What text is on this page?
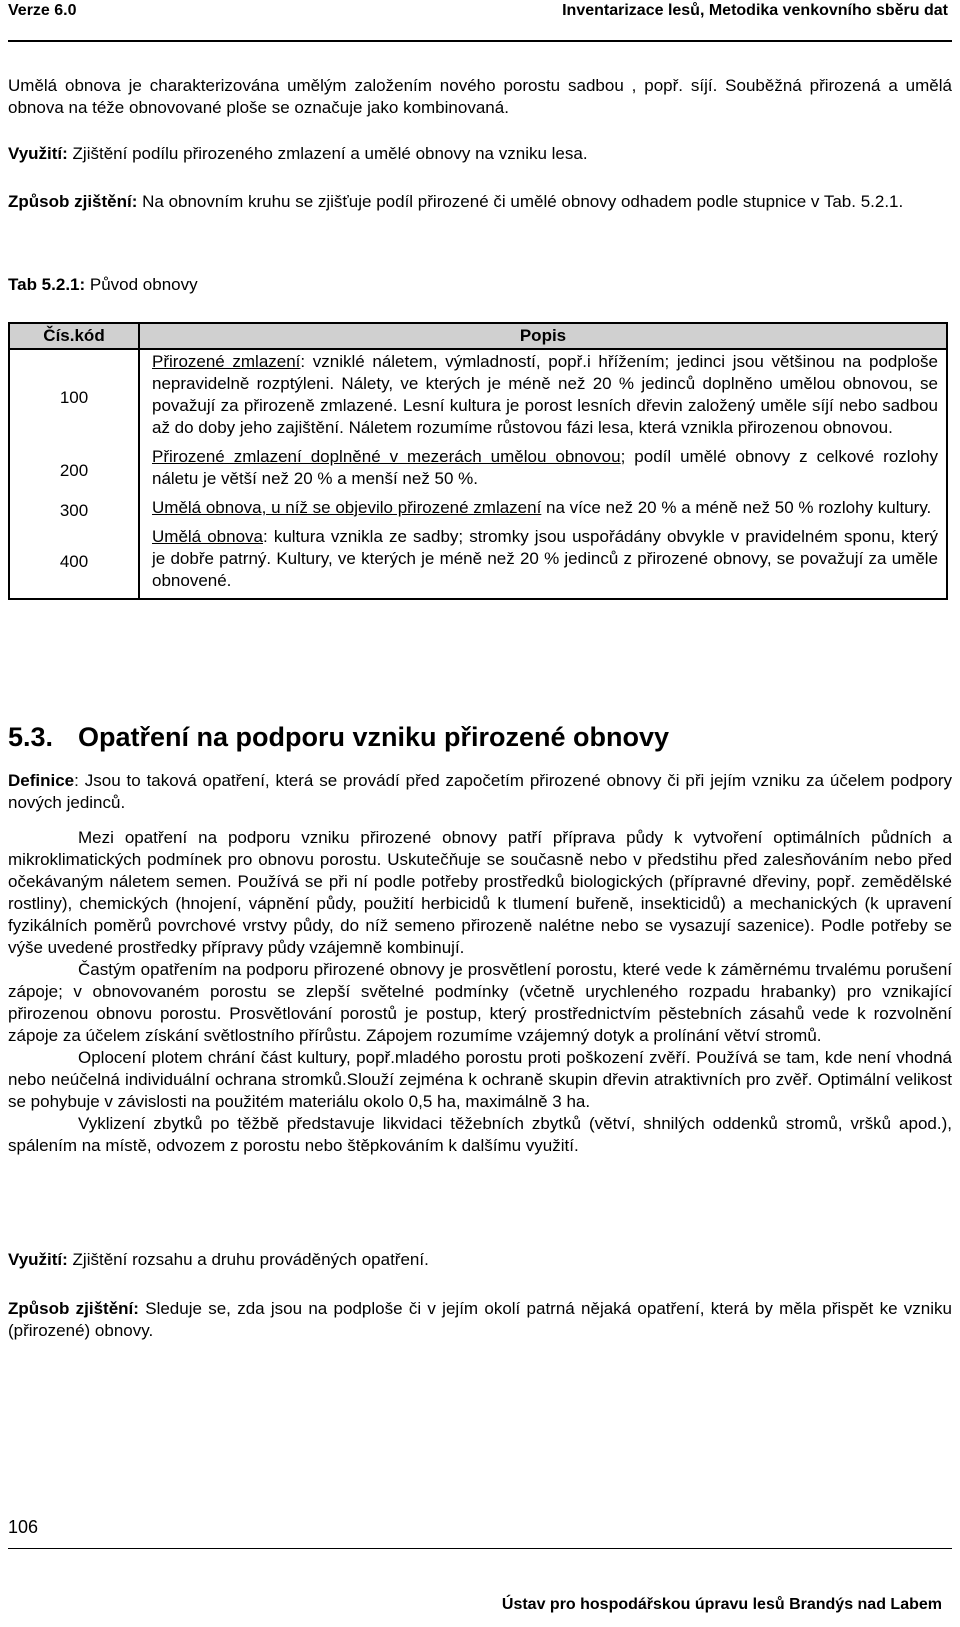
Verze 6.0	Inventarizace lesů, Metodika venkovního sběru dat
Umělá obnova je charakterizována umělým založením nového porostu sadbou , popř. síjí. Souběžná přirozená a umělá obnova na téže obnovované ploše se označuje jako kombinovaná.
Využití: Zjištění podílu přirozeného zmlazení a umělé obnovy na vzniku lesa.
Způsob zjištění: Na obnovním kruhu se zjišťuje podíl přirozené či umělé obnovy odhadem podle stupnice v Tab. 5.2.1.
Tab 5.2.1: Původ obnovy
Čís.kód	Popis
100	Přirozené zmlazení: vzniklé náletem, výmladností, popř.i hřížením; jedinci jsou většinou na podploše nepravidelně rozptýleni. Nálety, ve kterých je méně než 20 % jedinců doplněno umělou obnovou, se považují za přirozeně zmlazené. Lesní kultura je porost lesních dřevin založený uměle síjí nebo sadbou až do doby jeho zajištění. Náletem rozumíme růstovou fázi lesa, která vznikla přirozenou obnovou.
200	Přirozené zmlazení doplněné v mezerách umělou obnovou; podíl umělé obnovy z celkové rozlohy náletu je větší než 20 % a menší než 50 %.
300	Umělá obnova, u níž se objevilo přirozené zmlazení na více než 20 % a méně než 50 % rozlohy kultury.
400	Umělá obnova: kultura vznikla ze sadby; stromky jsou uspořádány obvykle v pravidelném sponu, který je dobře patrný. Kultury, ve kterých je méně než 20 % jedinců z přirozené obnovy, se považují za uměle obnovené.
5.3. Opatření na podporu vzniku přirozené obnovy
Definice: Jsou to taková opatření, která se provádí před započetím přirozené obnovy či při jejím vzniku za účelem podpory nových jedinců.
Mezi opatření na podporu vzniku přirozené obnovy patří příprava půdy k vytvoření optimálních půdních a mikroklimatických podmínek pro obnovu porostu. Uskutečňuje se současně nebo v předstihu před zalesňováním nebo před očekávaným náletem semen. Používá se při ní podle potřeby prostředků biologických (přípravné dřeviny, popř. zemědělské rostliny), chemických (hnojení, vápnění půdy, použití herbicidů k tlumení buřeně, insekticidů) a mechanických (k upravení fyzikálních poměrů povrchové vrstvy půdy, do níž semeno přirozeně nalétne nebo se vysazují sazenice). Podle potřeby se výše uvedené prostředky přípravy půdy vzájemně kombinují.
Častým opatřením na podporu přirozené obnovy je prosvětlení porostu, které vede k záměrnému trvalému porušení zápoje; v obnovovaném porostu se zlepší světelné podmínky (včetně urychleného rozpadu hrabanky) pro vznikající přirozenou obnovu porostu. Prosvětlování porostů je postup, který prostřednictvím pěstebních zásahů vede k rozvolnění zápoje za účelem získání světlostního přírůstu. Zápojem rozumíme vzájemný dotyk a prolínání větví stromů.
Oplocení plotem chrání část kultury, popř.mladého porostu proti poškození zvěří. Používá se tam, kde není vhodná nebo neúčelná individuální ochrana stromků.Slouží zejména k ochraně skupin dřevin atraktivních pro zvěř. Optimální velikost se pohybuje v závislosti na použitém materiálu okolo 0,5 ha, maximálně 3 ha.
Vyklizení zbytků po těžbě představuje likvidaci těžebních zbytků (větví, shnilých oddenků stromů, vršků apod.), spálením na místě, odvozem z porostu nebo štěpkováním k dalšímu využití.
Využití: Zjištění rozsahu a druhu prováděných opatření.
Způsob zjištění: Sleduje se, zda jsou na podploše či v jejím okolí patrná nějaká opatření, která by měla přispět ke vzniku (přirozené) obnovy.
106
Ústav pro hospodářskou úpravu lesů Brandýs nad Labem
